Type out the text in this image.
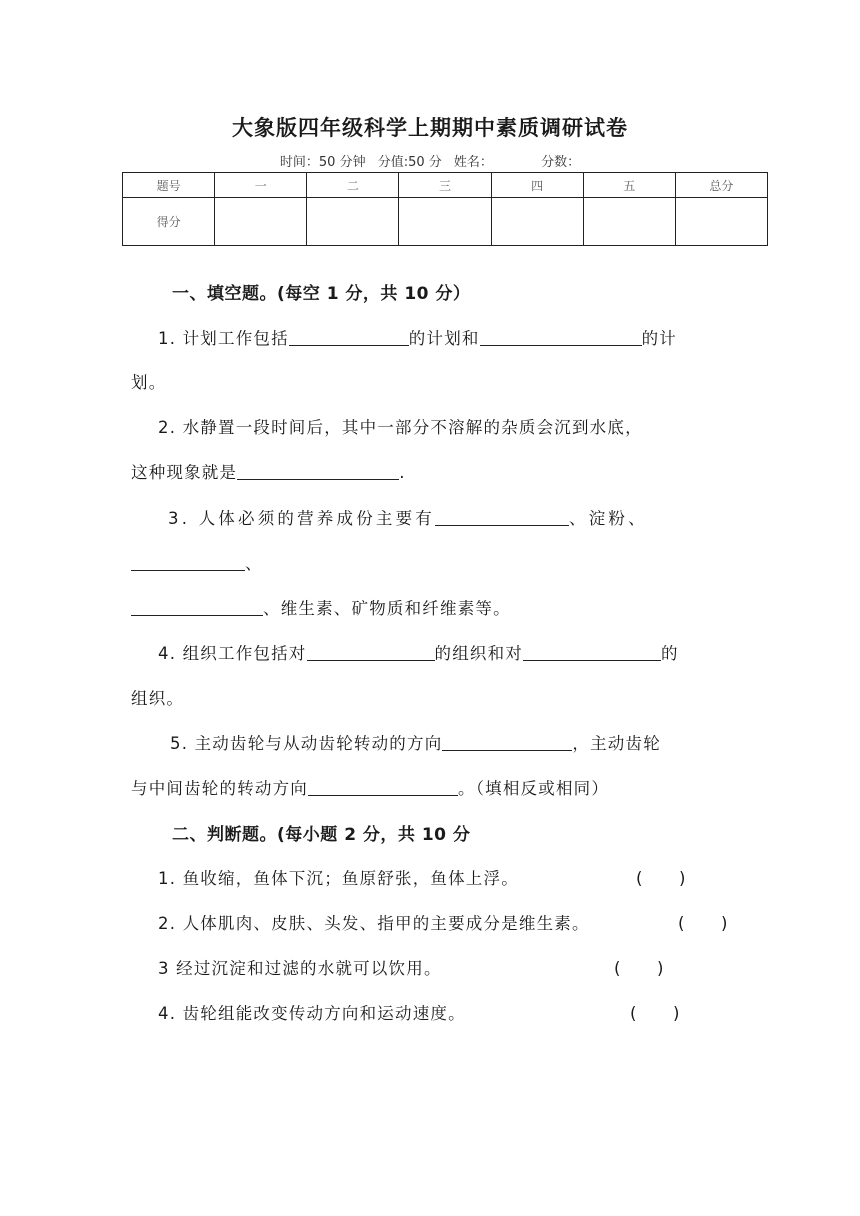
大象版四年级科学上期期中素质调研试卷
时间：50 分钟 分值:50 分 姓名：	分数：
题号	一	二	三	四	五	总分
得分						
一、填空题。(每空 1 分，共 10 分）
1. 计划工作包括	的计划和	的计
划。
2. 水静置一段时间后，其中一部分不溶解的杂质会沉到水底，
这种现象就是	.
3. 人体必须的营养成份主要有	、淀粉、
、
、维生素、矿物质和纤维素等。
4. 组织工作包括对	的组织和对	的
组织。
5. 主动齿轮与从动齿轮转动的方向	，主动齿轮
与中间齿轮的转动方向	。（填相反或相同）
二、判断题。(每小题 2 分，共 10 分
1. 鱼收缩，鱼体下沉；鱼原舒张，鱼体上浮。	(　　)
2. 人体肌肉、皮肤、头发、指甲的主要成分是维生素。	(　　)
3 经过沉淀和过滤的水就可以饮用。	(　　)
4. 齿轮组能改变传动方向和运动速度。	(　　)
